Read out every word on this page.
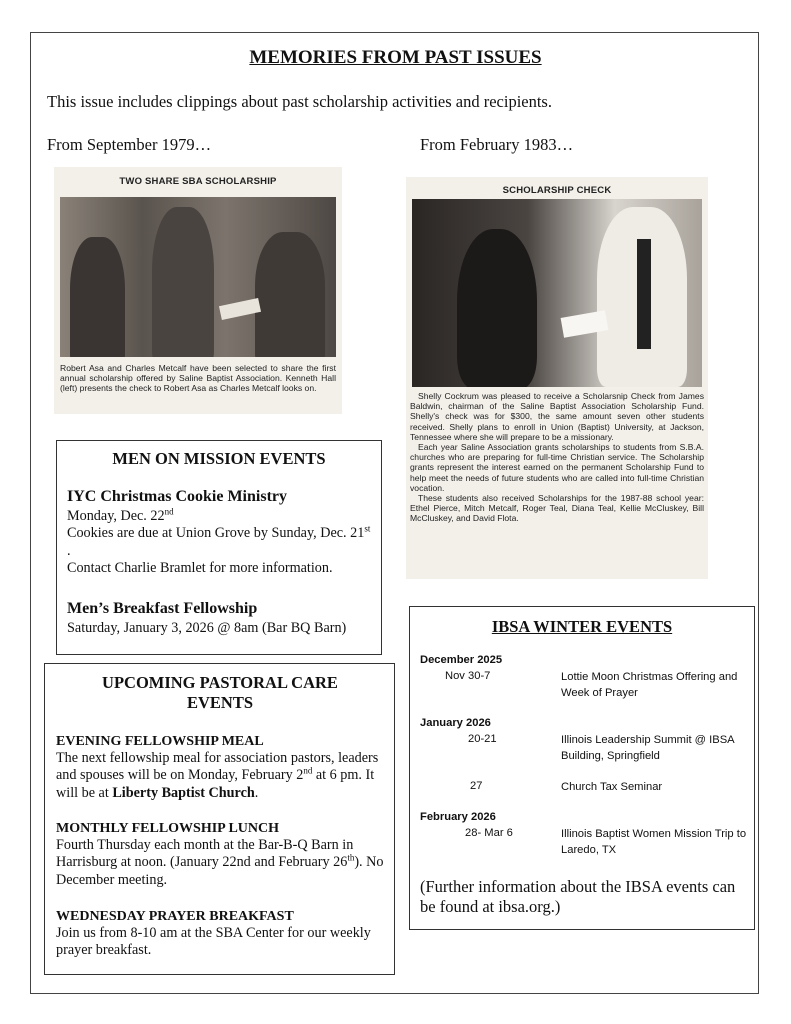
MEMORIES FROM PAST ISSUES
This issue includes clippings about past scholarship activities and recipients.
From September 1979…	From February 1983…
TWO SHARE SBA SCHOLARSHIP
Robert Asa and Charles Metcalf have been selected to share the first annual scholarship offered by Saline Baptist Association. Kenneth Hall (left) presents the check to Robert Asa as Charles Metcalf looks on.
SCHOLARSHIP CHECK

Shelly Cockrum was pleased to receive a Scholarsnip Check from James Baldwin, chairman of the Saline Baptist Association Scholarship Fund. Shelly's check was for $300, the same amount seven other students received. Shelly plans to enroll in Union (Baptist) University, at Jackson, Tennessee where she will prepare to be a missionary.

Each year Saline Association grants scholarships to students from S.B.A. churches who are preparing for full-time Christian service. The Scholarship grants represent the interest earned on the permanent Scholarship Fund to help meet the needs of future students who are called into full-time Christian vocation.

These students also received Scholarships for the 1987-88 school year: Ethel Pierce, Mitch Metcalf, Roger Teal, Diana Teal, Kellie McCluskey, Bill McCluskey, and David Flota.

MEN ON MISSION EVENTS
IYC Christmas Cookie Ministry
Monday, Dec. 22nd
Cookies are due at Union Grove by Sunday, Dec. 21st .
Contact Charlie Bramlet for more information.
Men’s Breakfast Fellowship
Saturday, January 3, 2026 @ 8am (Bar BQ Barn)
UPCOMING PASTORAL CARE EVENTS
EVENING FELLOWSHIP MEAL
The next fellowship meal for association pastors, leaders and spouses will be on Monday, February 2nd at 6 pm. It will be at Liberty Baptist Church.
MONTHLY FELLOWSHIP LUNCH
Fourth Thursday each month at the Bar-B-Q Barn in Harrisburg at noon. (January 22nd and February 26th). No December meeting.
WEDNESDAY PRAYER BREAKFAST
Join us from 8-10 am at the SBA Center for our weekly prayer breakfast.
IBSA WINTER EVENTS
December 2025
Nov 30-7	Lottie Moon Christmas Offering and Week of Prayer
January 2026
20-21	Illinois Leadership Summit @ IBSA Building, Springfield
27	Church Tax Seminar
February 2026
28- Mar 6	Illinois Baptist Women Mission Trip to Laredo, TX
(Further information about the IBSA events can be found at ibsa.org.)
